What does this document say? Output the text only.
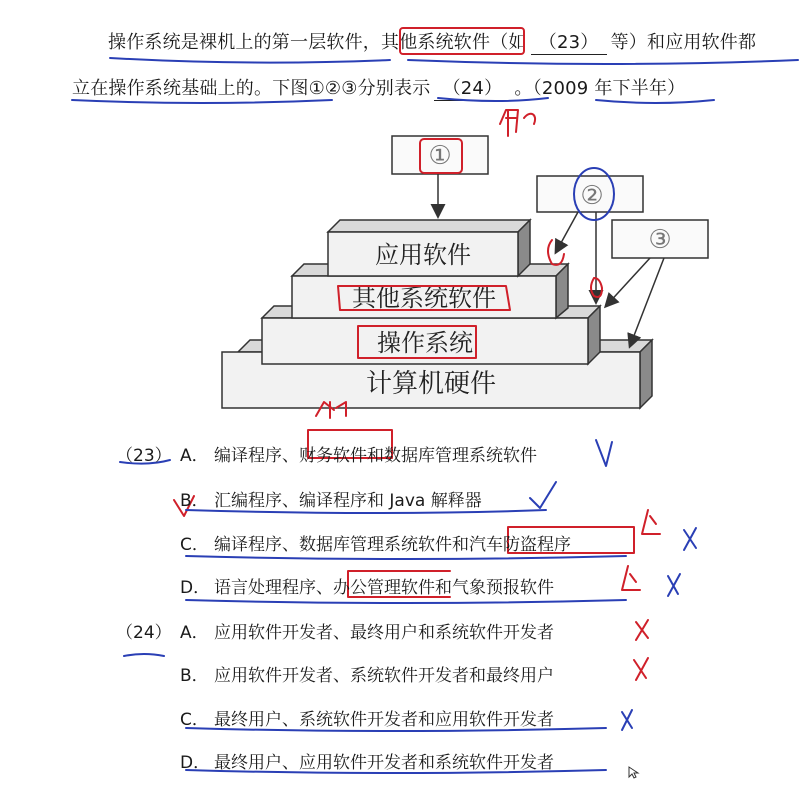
操作系统是裸机上的第一层软件，其他系统软件（如 （23） 等）和应用软件都
立在操作系统基础上的。下图①②③分别表示 （24） 。（2009 年下半年）
计算机硬件
操作系统
其他系统软件
应用软件
①
②
③
（23） A． 编译程序、财务软件和数据库管理系统软件
B． 汇编程序、编译程序和 Java 解释器
C． 编译程序、数据库管理系统软件和汽车防盗程序
D． 语言处理程序、办公管理软件和气象预报软件
（24） A． 应用软件开发者、最终用户和系统软件开发者
B． 应用软件开发者、系统软件开发者和最终用户
C． 最终用户、系统软件开发者和应用软件开发者
D． 最终用户、应用软件开发者和系统软件开发者
